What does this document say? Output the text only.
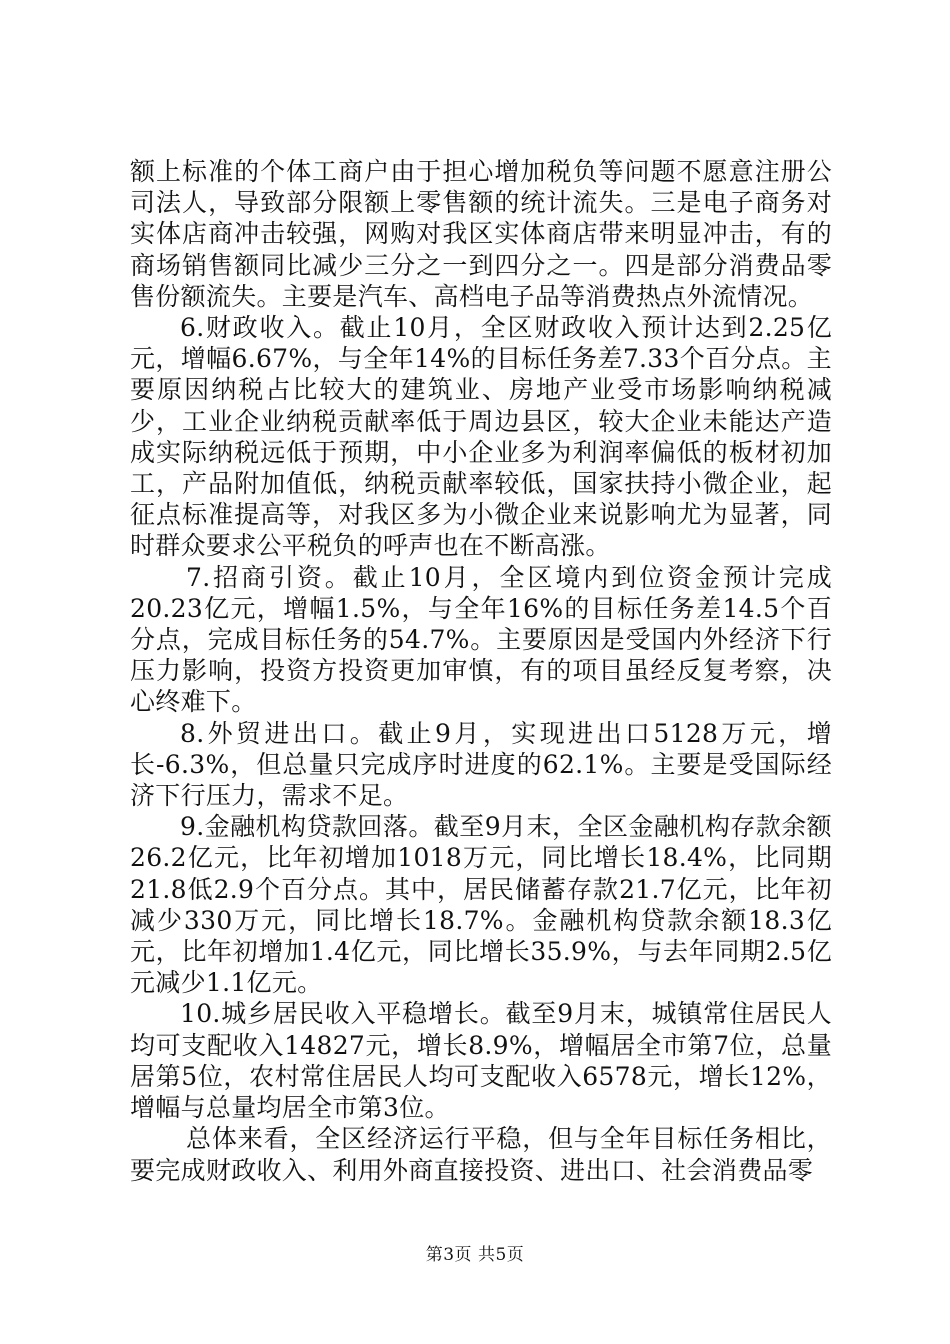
额上标准的个体工商户由于担心增加税负等问题不愿意注册公司法人，导致部分限额上零售额的统计流失。三是电子商务对实体店商冲击较强，网购对我区实体商店带来明显冲击，有的商场销售额同比减少三分之一到四分之一。四是部分消费品零售份额流失。主要是汽车、高档电子品等消费热点外流情况。

6.财政收入。截止10月，全区财政收入预计达到2.25亿元，增幅6.67%，与全年14%的目标任务差7.33个百分点。主要原因纳税占比较大的建筑业、房地产业受市场影响纳税减少，工业企业纳税贡献率低于周边县区，较大企业未能达产造成实际纳税远低于预期，中小企业多为利润率偏低的板材初加工，产品附加值低，纳税贡献率较低，国家扶持小微企业，起征点标准提高等，对我区多为小微企业来说影响尤为显著，同时群众要求公平税负的呼声也在不断高涨。

7.招商引资。截止10月，全区境内到位资金预计完成20.23亿元，增幅1.5%，与全年16%的目标任务差14.5个百分点，完成目标任务的54.7%。主要原因是受国内外经济下行压力影响，投资方投资更加审慎，有的项目虽经反复考察，决心终难下。

8.外贸进出口。截止9月，实现进出口5128万元，增长-6.3%，但总量只完成序时进度的62.1%。主要是受国际经济下行压力，需求不足。

9.金融机构贷款回落。截至9月末，全区金融机构存款余额26.2亿元，比年初增加1018万元，同比增长18.4%，比同期21.8低2.9个百分点。其中，居民储蓄存款21.7亿元，比年初减少330万元，同比增长18.7%。金融机构贷款余额18.3亿元，比年初增加1.4亿元，同比增长35.9%，与去年同期2.5亿元减少1.1亿元。

10.城乡居民收入平稳增长。截至9月末，城镇常住居民人均可支配收入14827元，增长8.9%，增幅居全市第7位，总量居第5位，农村常住居民人均可支配收入6578元，增长12%，增幅与总量均居全市第3位。

总体来看，全区经济运行平稳，但与全年目标任务相比，要完成财政收入、利用外商直接投资、进出口、社会消费品零

第3页 共5页
